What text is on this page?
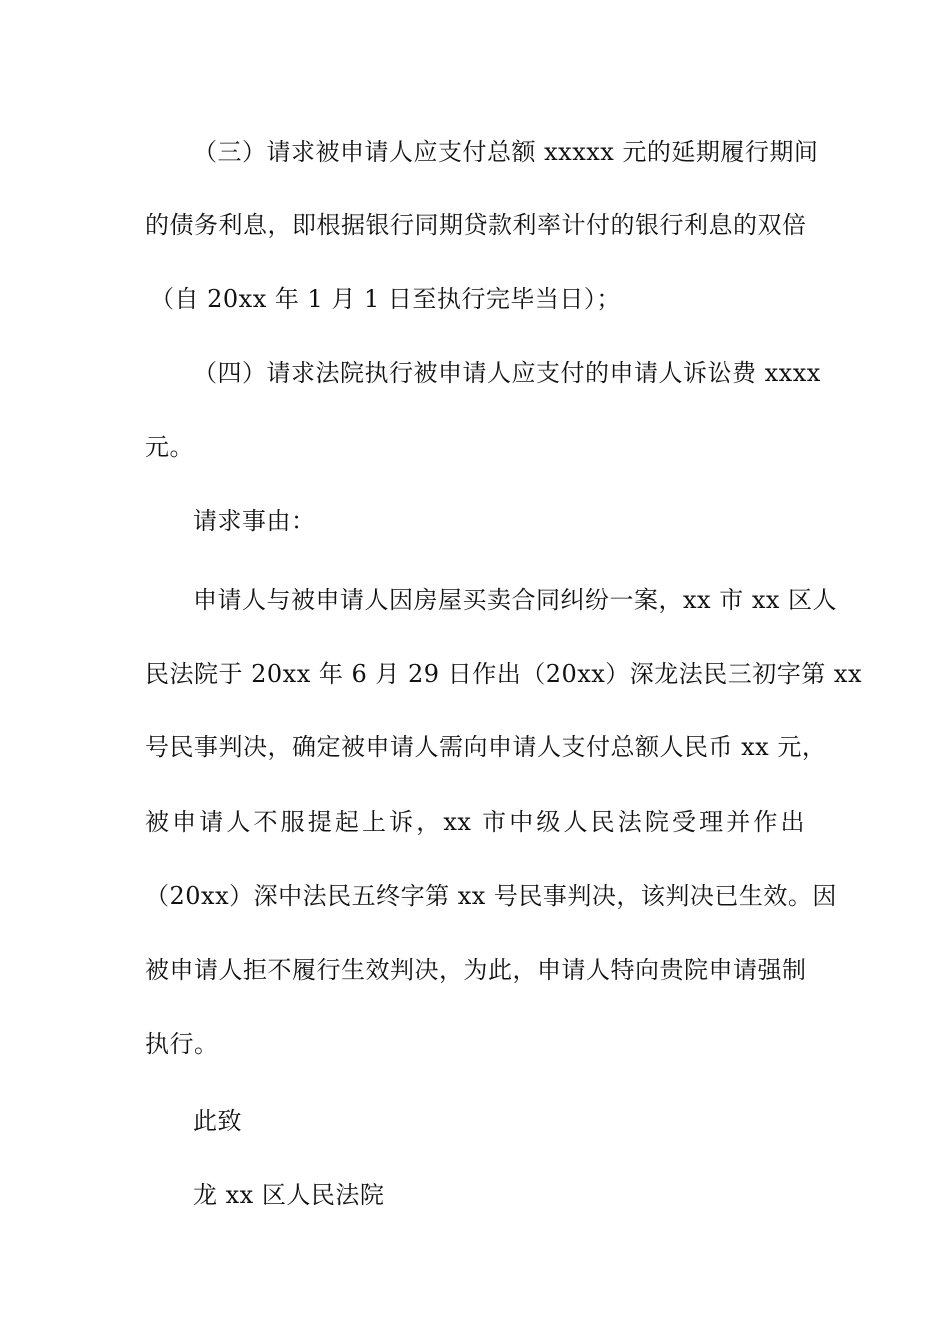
（三）请求被申请人应支付总额 xxxxx 元的延期履行期间
的债务利息，即根据银行同期贷款利率计付的银行利息的双倍
（自 20xx 年 1 月 1 日至执行完毕当日）；
（四）请求法院执行被申请人应支付的申请人诉讼费 xxxx
元。
请求事由：
申请人与被申请人因房屋买卖合同纠纷一案，xx 市 xx 区人
民法院于 20xx 年 6 月 29 日作出（20xx）深龙法民三初字第 xx
号民事判决，确定被申请人需向申请人支付总额人民币 xx 元，
被申请人不服提起上诉，xx 市中级人民法院受理并作出
（20xx）深中法民五终字第 xx 号民事判决，该判决已生效。因
被申请人拒不履行生效判决，为此，申请人特向贵院申请强制
执行。
此致
龙 xx 区人民法院
